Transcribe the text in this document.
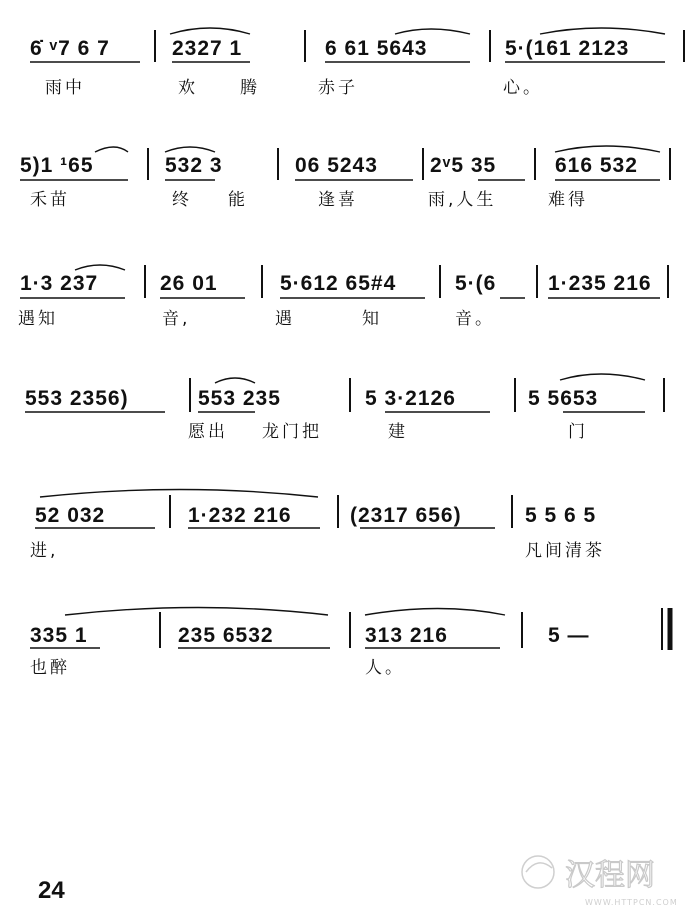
6̇ ᵛ7 6 7	2327 1	6 61 5643	5·(161 2123
雨中	欢 腾	赤子	心。
5)1 ¹65	532 3	06 5243 2ᵛ5 35	616 532
禾苗	终 能	逢喜	雨,人生	难得
1·3 237	26 01	5·612 65#4	5·(6 1·235 216
遇知	音,	遇	知	音。
553 2356)	553 235	5 3·2126	5 5653
愿出 龙门把	建	门
52 032	1·232 216	(2317 656)	5 5 6 5
进,	凡间清茶
335 1	235 6532	313 216	5 —
也醉	人。
24	汉程网
WWW.HTTPCN.COM
